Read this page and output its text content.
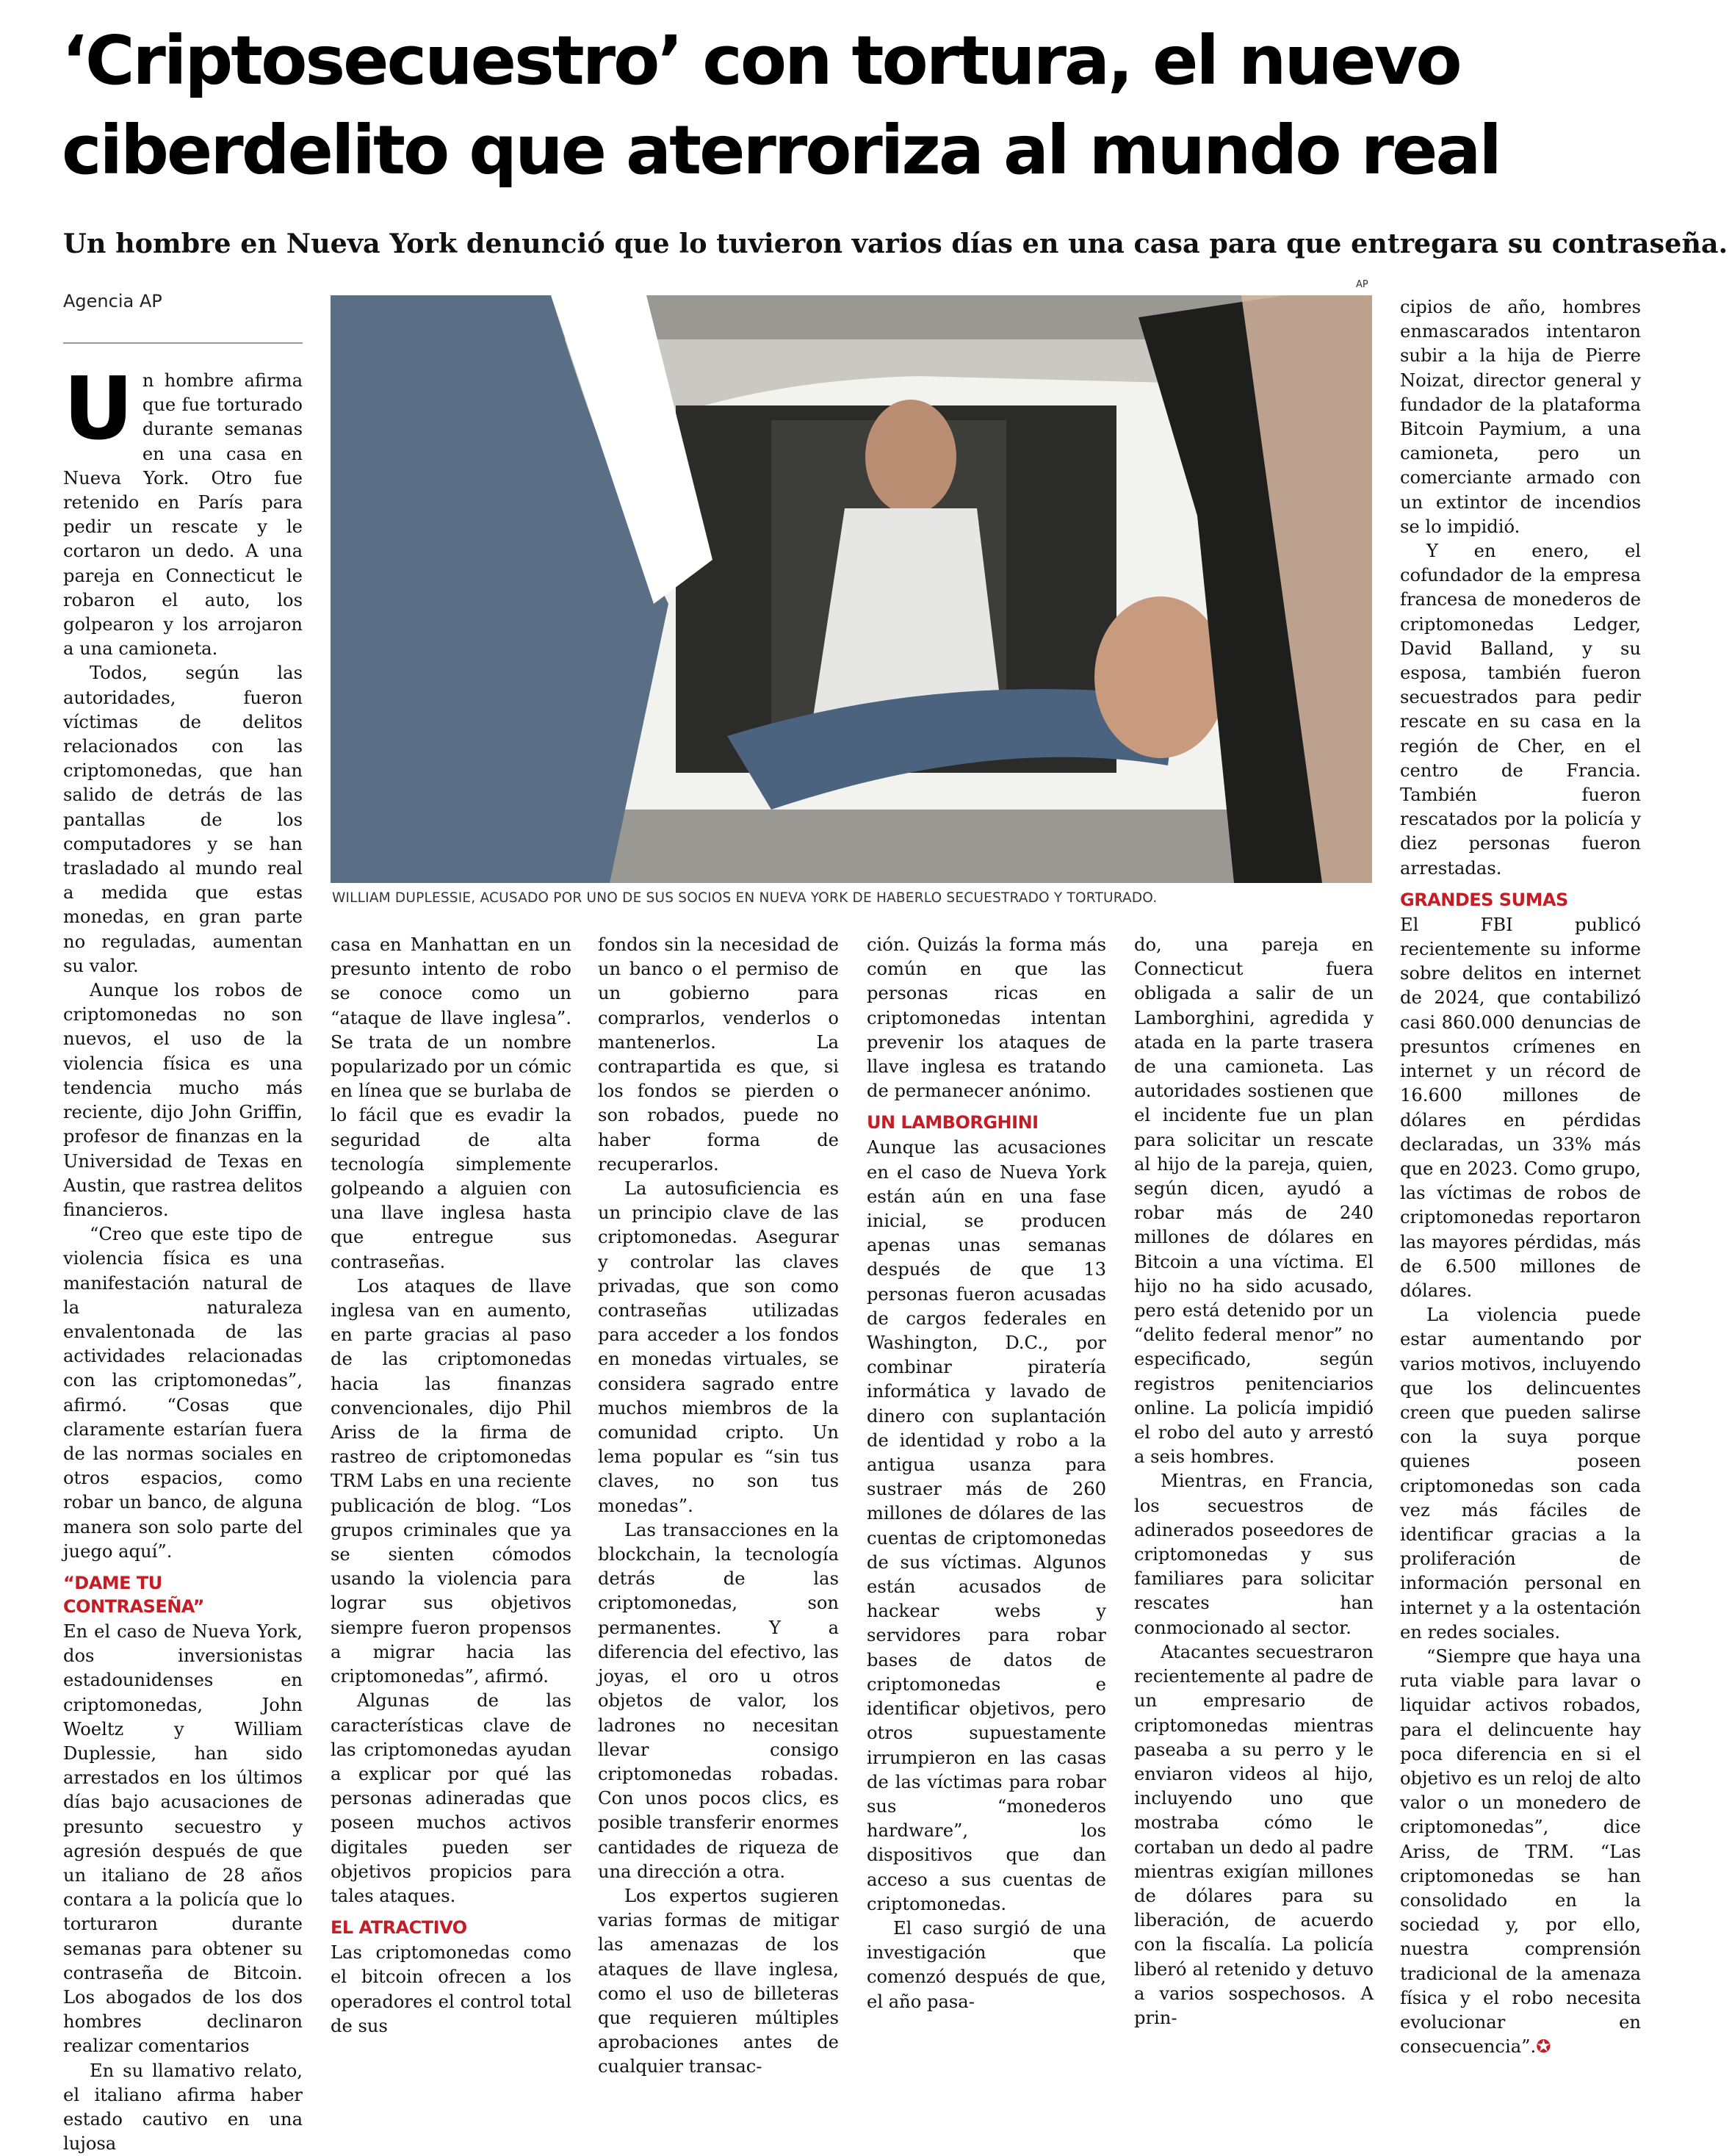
‘Criptosecuestro’ con tortura, el nuevo ciberdelito que aterroriza al mundo real

Un hombre en Nueva York denunció que lo tuvieron varios días en una casa para que entregara su contraseña.

Agencia AP

Un hombre afirma que fue torturado durante semanas en una casa en Nueva York. Otro fue retenido en París para pedir un rescate y le cortaron un dedo. A una pareja en Connecticut le robaron el auto, los golpearon y los arrojaron a una camioneta.

Todos, según las autoridades, fueron víctimas de delitos relacionados con las criptomonedas, que han salido de detrás de las pantallas de los computadores y se han trasladado al mundo real a medida que estas monedas, en gran parte no reguladas, aumentan su valor.

Aunque los robos de criptomonedas no son nuevos, el uso de la violencia física es una tendencia mucho más reciente, dijo John Griffin, profesor de finanzas en la Universidad de Texas en Austin, que rastrea delitos financieros.

“Creo que este tipo de violencia física es una manifestación natural de la naturaleza envalentonada de las actividades relacionadas con las criptomonedas”, afirmó. “Cosas que claramente estarían fuera de las normas sociales en otros espacios, como robar un banco, de alguna manera son solo parte del juego aquí”.

“DAME TU CONTRASEÑA”

En el caso de Nueva York, dos inversionistas estadounidenses en criptomonedas, John Woeltz y William Duplessie, han sido arrestados en los últimos días bajo acusaciones de presunto secuestro y agresión después de que un italiano de 28 años contara a la policía que lo torturaron durante semanas para obtener su contraseña de Bitcoin. Los abogados de los dos hombres declinaron realizar comentarios

En su llamativo relato, el italiano afirma haber estado cautivo en una lujosa

AP
WILLIAM DUPLESSIE, ACUSADO POR UNO DE SUS SOCIOS EN NUEVA YORK DE HABERLO SECUESTRADO Y TORTURADO.

casa en Manhattan en un presunto intento de robo se conoce como un “ataque de llave inglesa”. Se trata de un nombre popularizado por un cómic en línea que se burlaba de lo fácil que es evadir la seguridad de alta tecnología simplemente golpeando a alguien con una llave inglesa hasta que entregue sus contraseñas.

Los ataques de llave inglesa van en aumento, en parte gracias al paso de las criptomonedas hacia las finanzas convencionales, dijo Phil Ariss de la firma de rastreo de criptomonedas TRM Labs en una reciente publicación de blog. “Los grupos criminales que ya se sienten cómodos usando la violencia para lograr sus objetivos siempre fueron propensos a migrar hacia las criptomonedas”, afirmó.

Algunas de las características clave de las criptomonedas ayudan a explicar por qué las personas adineradas que poseen muchos activos digitales pueden ser objetivos propicios para tales ataques.

EL ATRACTIVO

Las criptomonedas como el bitcoin ofrecen a los operadores el control total de sus

fondos sin la necesidad de un banco o el permiso de un gobierno para comprarlos, venderlos o mantenerlos. La contrapartida es que, si los fondos se pierden o son robados, puede no haber forma de recuperarlos.

La autosuficiencia es un principio clave de las criptomonedas. Asegurar y controlar las claves privadas, que son como contraseñas utilizadas para acceder a los fondos en monedas virtuales, se considera sagrado entre muchos miembros de la comunidad cripto. Un lema popular es “sin tus claves, no son tus monedas”.

Las transacciones en la blockchain, la tecnología detrás de las criptomonedas, son permanentes. Y a diferencia del efectivo, las joyas, el oro u otros objetos de valor, los ladrones no necesitan llevar consigo criptomonedas robadas. Con unos pocos clics, es posible transferir enormes cantidades de riqueza de una dirección a otra.

Los expertos sugieren varias formas de mitigar las amenazas de los ataques de llave inglesa, como el uso de billeteras que requieren múltiples aprobaciones antes de cualquier transac-

ción. Quizás la forma más común en que las personas ricas en criptomonedas intentan prevenir los ataques de llave inglesa es tratando de permanecer anónimo.

UN LAMBORGHINI

Aunque las acusaciones en el caso de Nueva York están aún en una fase inicial, se producen apenas unas semanas después de que 13 personas fueron acusadas de cargos federales en Washington, D.C., por combinar piratería informática y lavado de dinero con suplantación de identidad y robo a la antigua usanza para sustraer más de 260 millones de dólares de las cuentas de criptomonedas de sus víctimas. Algunos están acusados de hackear webs y servidores para robar bases de datos de criptomonedas e identificar objetivos, pero otros supuestamente irrumpieron en las casas de las víctimas para robar sus “monederos hardware”, los dispositivos que dan acceso a sus cuentas de criptomonedas.

El caso surgió de una investigación que comenzó después de que, el año pasa-

do, una pareja en Connecticut fuera obligada a salir de un Lamborghini, agredida y atada en la parte trasera de una camioneta. Las autoridades sostienen que el incidente fue un plan para solicitar un rescate al hijo de la pareja, quien, según dicen, ayudó a robar más de 240 millones de dólares en Bitcoin a una víctima. El hijo no ha sido acusado, pero está detenido por un “delito federal menor” no especificado, según registros penitenciarios online. La policía impidió el robo del auto y arrestó a seis hombres.

Mientras, en Francia, los secuestros de adinerados poseedores de criptomonedas y sus familiares para solicitar rescates han conmocionado al sector.

Atacantes secuestraron recientemente al padre de un empresario de criptomonedas mientras paseaba a su perro y le enviaron videos al hijo, incluyendo uno que mostraba cómo le cortaban un dedo al padre mientras exigían millones de dólares para su liberación, de acuerdo con la fiscalía. La policía liberó al retenido y detuvo a varios sospechosos. A prin-

cipios de año, hombres enmascarados intentaron subir a la hija de Pierre Noizat, director general y fundador de la plataforma Bitcoin Paymium, a una camioneta, pero un comerciante armado con un extintor de incendios se lo impidió.

Y en enero, el cofundador de la empresa francesa de monederos de criptomonedas Ledger, David Balland, y su esposa, también fueron secuestrados para pedir rescate en su casa en la región de Cher, en el centro de Francia. También fueron rescatados por la policía y diez personas fueron arrestadas.

GRANDES SUMAS

El FBI publicó recientemente su informe sobre delitos en internet de 2024, que contabilizó casi 860.000 denuncias de presuntos crímenes en internet y un récord de 16.600 millones de dólares en pérdidas declaradas, un 33% más que en 2023. Como grupo, las víctimas de robos de criptomonedas reportaron las mayores pérdidas, más de 6.500 millones de dólares.

La violencia puede estar aumentando por varios motivos, incluyendo que los delincuentes creen que pueden salirse con la suya porque quienes poseen criptomonedas son cada vez más fáciles de identificar gracias a la proliferación de información personal en internet y a la ostentación en redes sociales.

“Siempre que haya una ruta viable para lavar o liquidar activos robados, para el delincuente hay poca diferencia en si el objetivo es un reloj de alto valor o un monedero de criptomonedas”, dice Ariss, de TRM. “Las criptomonedas se han consolidado en la sociedad y, por ello, nuestra comprensión tradicional de la amenaza física y el robo necesita evolucionar en consecuencia”.✪
